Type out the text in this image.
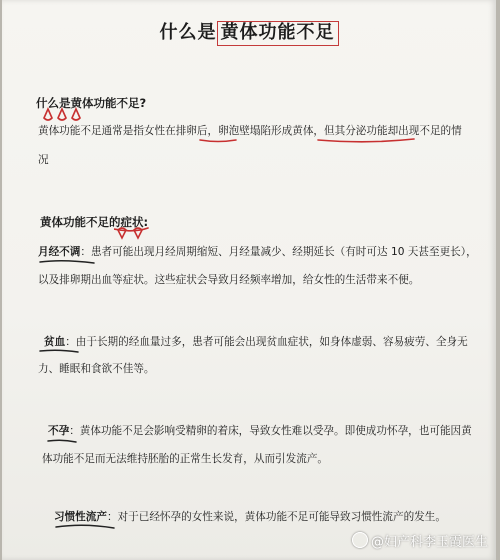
什么是 黄体功能不足
什么是黄体功能不足?
黄体功能不足通常是指女性在排卵后，卵泡壁塌陷形成黄体，但其分泌功能却出现不足的情
况
黄体功能不足的症状:
月经不调：患者可能出现月经周期缩短、月经量减少、经期延长（有时可达 10 天甚至更长），
以及排卵期出血等症状。这些症状会导致月经频率增加，给女性的生活带来不便。
贫血：由于长期的经血量过多，患者可能会出现贫血症状，如身体虚弱、容易疲劳、全身无
力、睡眠和食欲不佳等。
不孕：黄体功能不足会影响受精卵的着床，导致女性难以受孕。即使成功怀孕，也可能因黄
体功能不足而无法维持胚胎的正常生长发育，从而引发流产。
习惯性流产：对于已经怀孕的女性来说，黄体功能不足可能导致习惯性流产的发生。
@妇产科李玉霞医生
